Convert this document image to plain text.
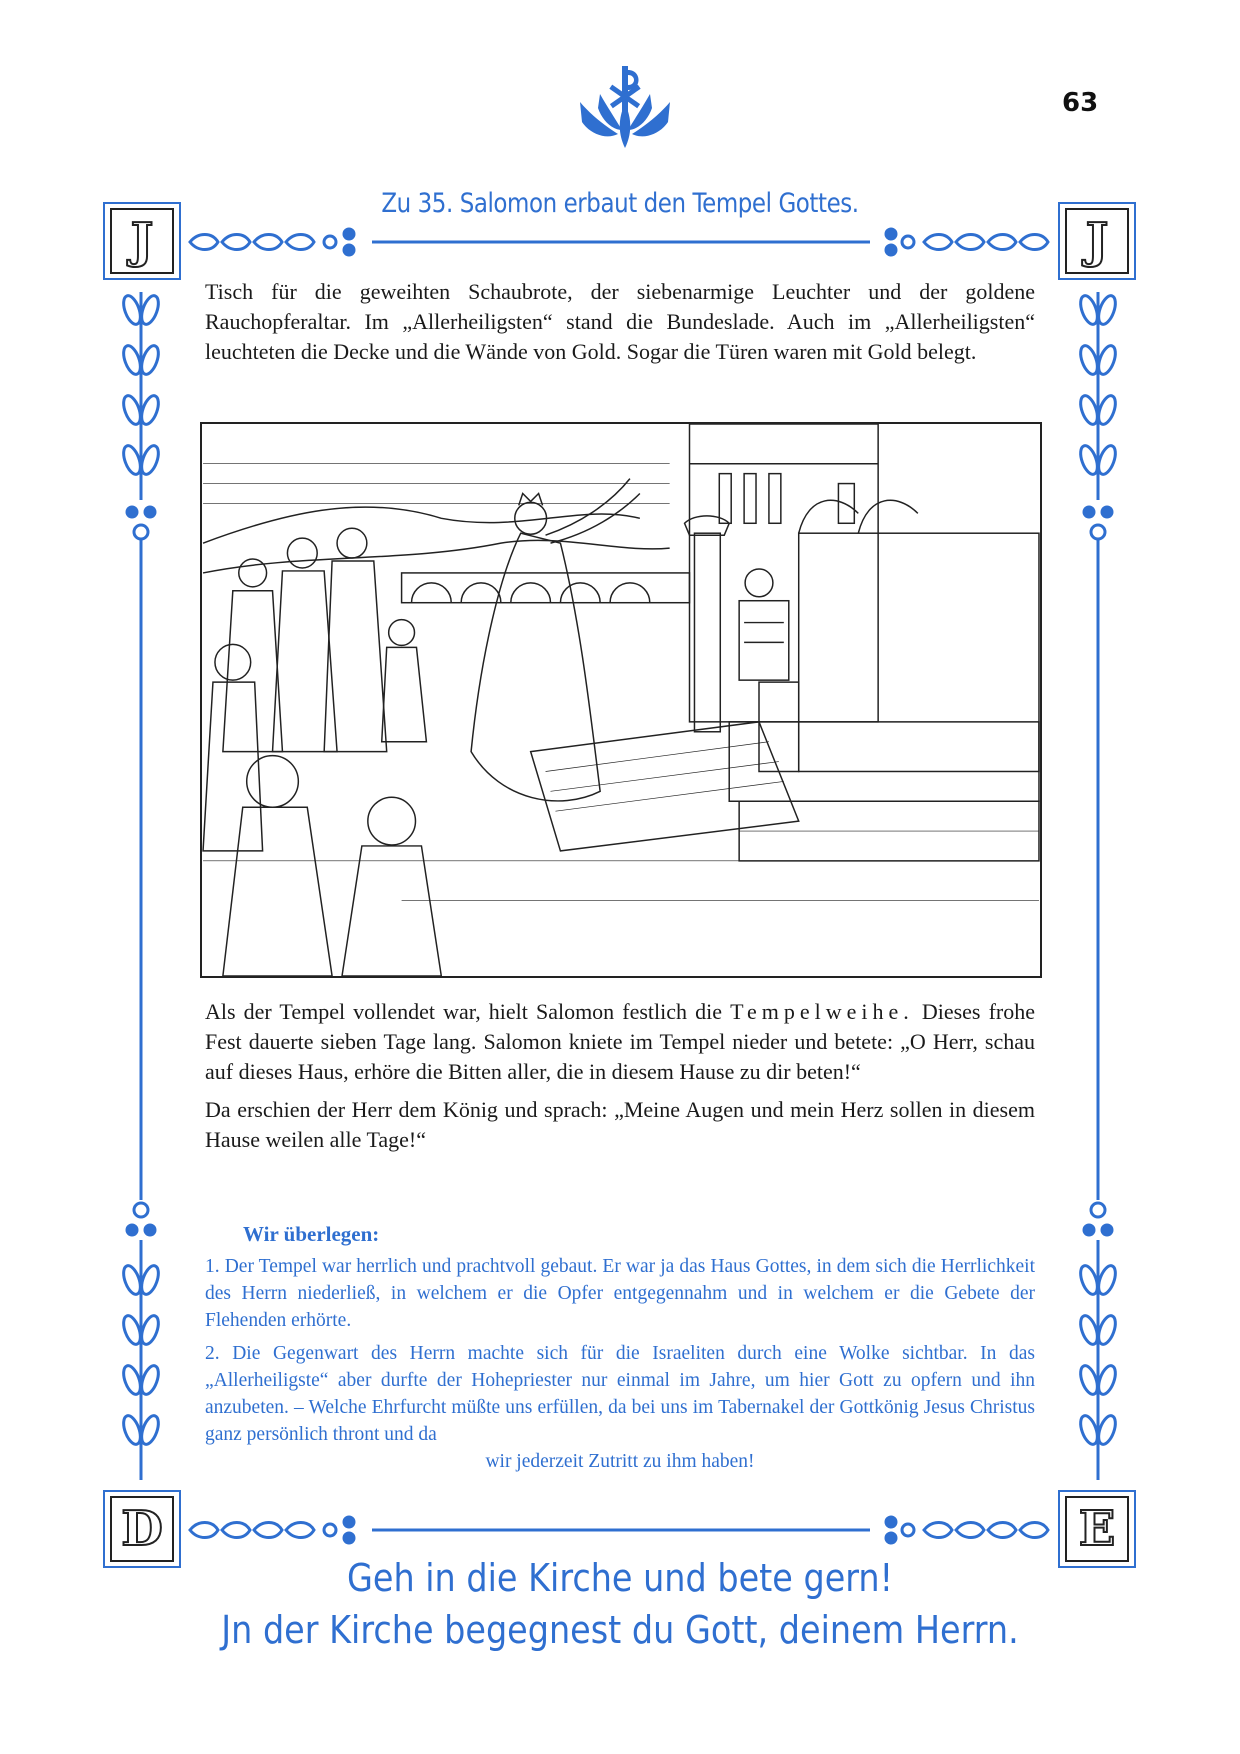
63
Zu 35. Salomon erbaut den Tempel Gottes.
J	J
D	E

Tisch für die geweihten Schaubrote, der siebenarmige Leuchter und der goldene Rauchopferaltar. Im „Allerheiligsten“ stand die Bundeslade. Auch im „Allerheiligsten“ leuchteten die Decke und die Wände von Gold. Sogar die Türen waren mit Gold belegt.

Als der Tempel vollendet war, hielt Salomon festlich die Tempelweihe. Dieses frohe Fest dauerte sieben Tage lang. Salomon kniete im Tempel nieder und betete: „O Herr, schau auf dieses Haus, erhöre die Bitten aller, die in diesem Hause zu dir beten!“

Da erschien der Herr dem König und sprach: „Meine Augen und mein Herz sollen in diesem Hause weilen alle Tage!“

Wir überlegen:

1. Der Tempel war herrlich und prachtvoll gebaut. Er war ja das Haus Gottes, in dem sich die Herrlichkeit des Herrn niederließ, in welchem er die Opfer entgegennahm und in welchem er die Gebete der Flehenden erhörte.

2. Die Gegenwart des Herrn machte sich für die Israeliten durch eine Wolke sichtbar. In das „Allerheiligste“ aber durfte der Hohepriester nur einmal im Jahre, um hier Gott zu opfern und ihn anzubeten. – Welche Ehrfurcht müßte uns erfüllen, da bei uns im Tabernakel der Gottkönig Jesus Christus ganz persönlich thront und da

wir jederzeit Zutritt zu ihm haben!
Geh in die Kirche und bete gern!
Jn der Kirche begegnest du Gott, deinem Herrn.
